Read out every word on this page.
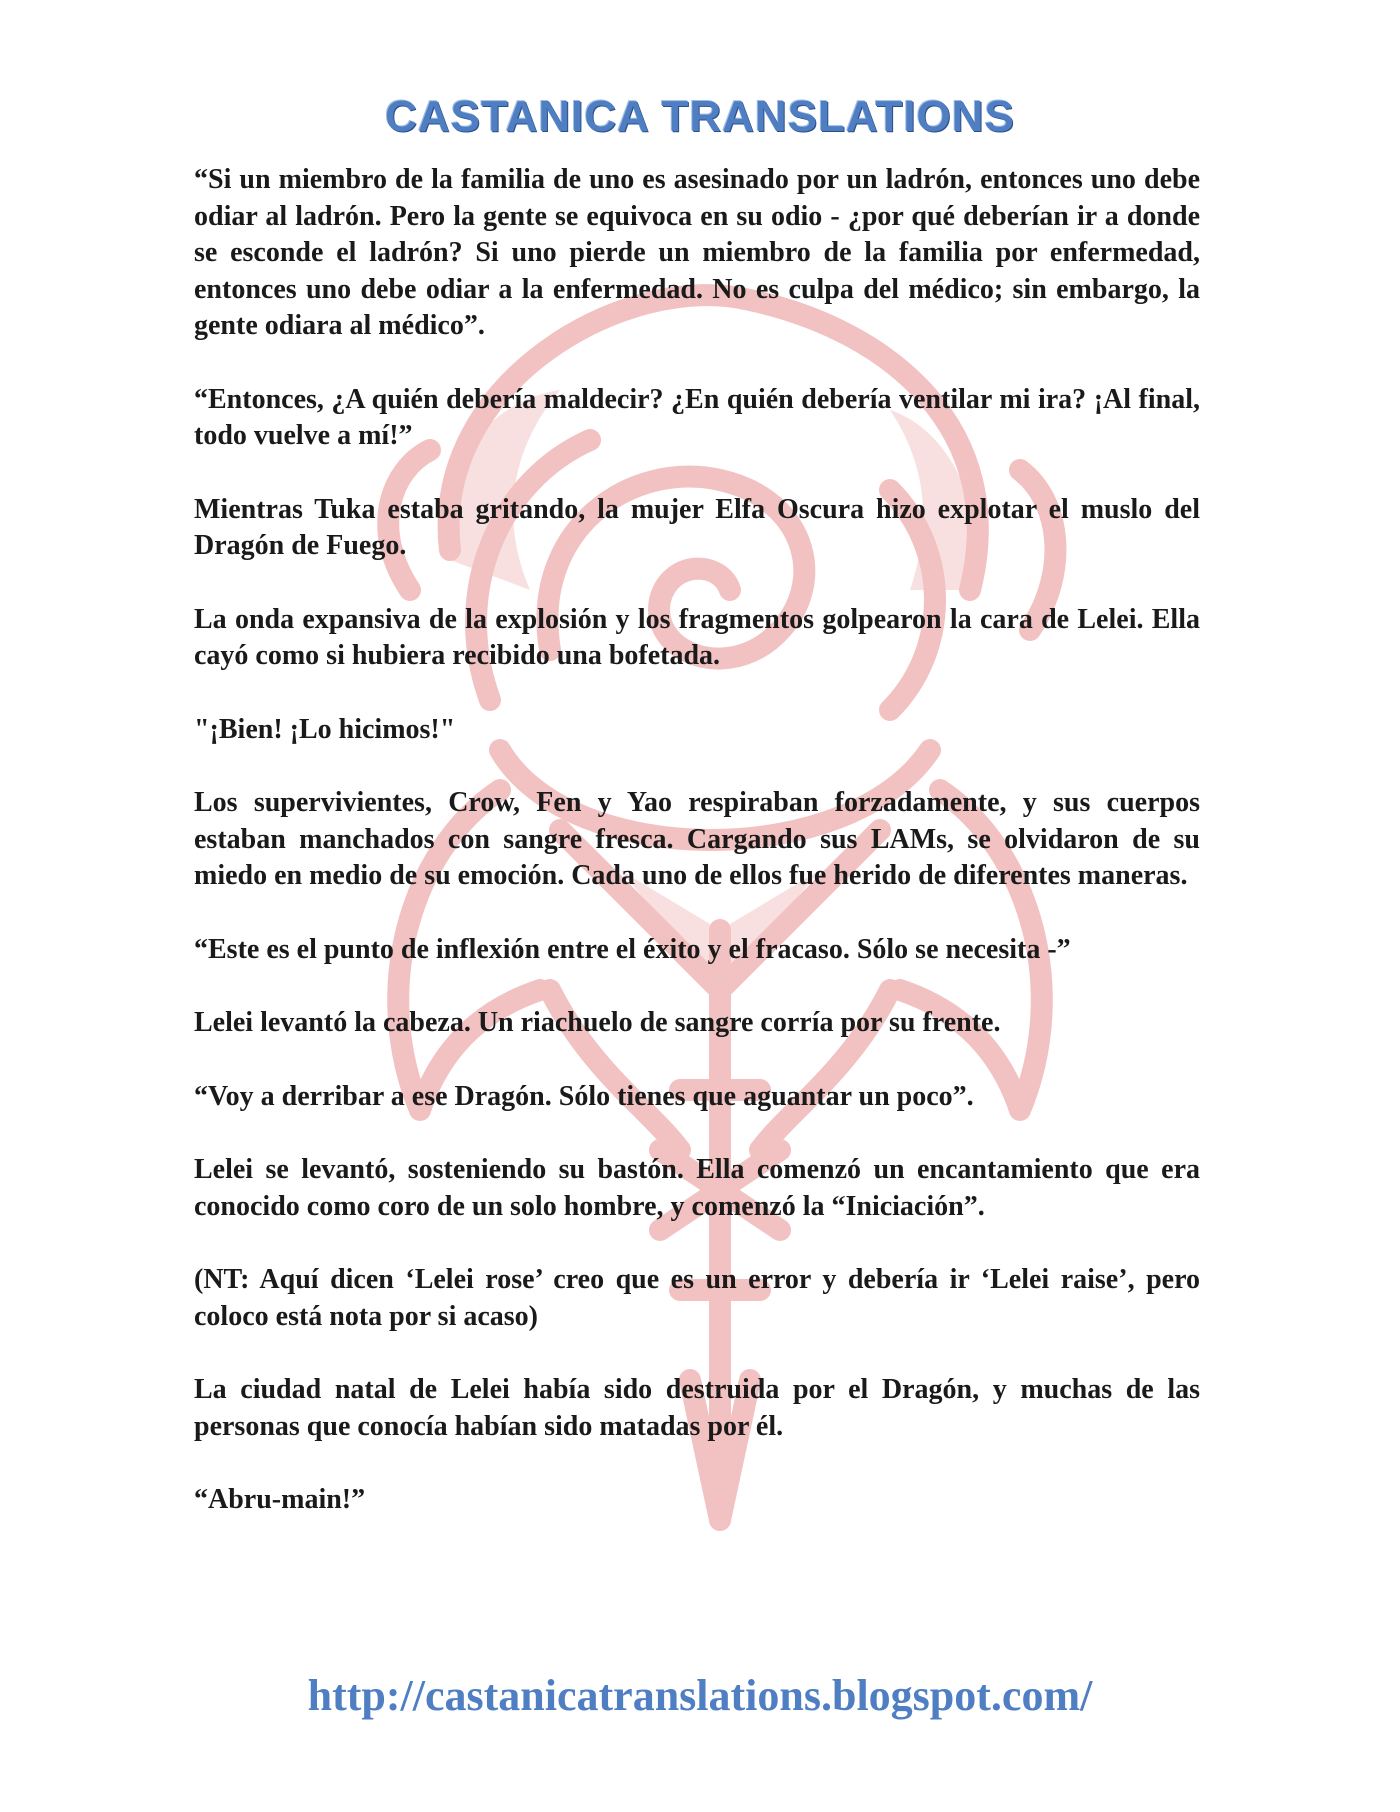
CASTANICA TRANSLATIONS

“Si un miembro de la familia de uno es asesinado por un ladrón, entonces uno debe odiar al ladrón. Pero la gente se equivoca en su odio - ¿por qué deberían ir a donde se esconde el ladrón? Si uno pierde un miembro de la familia por enfermedad, entonces uno debe odiar a la enfermedad. No es culpa del médico; sin embargo, la gente odiara al médico”.

“Entonces, ¿A quién debería maldecir? ¿En quién debería ventilar mi ira? ¡Al final, todo vuelve a mí!”

Mientras Tuka estaba gritando, la mujer Elfa Oscura hizo explotar el muslo del Dragón de Fuego.

La onda expansiva de la explosión y los fragmentos golpearon la cara de Lelei. Ella cayó como si hubiera recibido una bofetada.

"¡Bien! ¡Lo hicimos!"

Los supervivientes, Crow, Fen y Yao respiraban forzadamente, y sus cuerpos estaban manchados con sangre fresca. Cargando sus LAMs, se olvidaron de su miedo en medio de su emoción. Cada uno de ellos fue herido de diferentes maneras.

“Este es el punto de inflexión entre el éxito y el fracaso. Sólo se necesita -”

Lelei levantó la cabeza. Un riachuelo de sangre corría por su frente.

“Voy a derribar a ese Dragón. Sólo tienes que aguantar un poco”.

Lelei se levantó, sosteniendo su bastón. Ella comenzó un encantamiento que era conocido como coro de un solo hombre, y comenzó la “Iniciación”.

(NT: Aquí dicen ‘Lelei rose’ creo que es un error y debería ir ‘Lelei raise’, pero coloco está nota por si acaso)

La ciudad natal de Lelei había sido destruida por el Dragón, y muchas de las personas que conocía habían sido matadas por él.

“Abru-main!”

http://castanicatranslations.blogspot.com/
